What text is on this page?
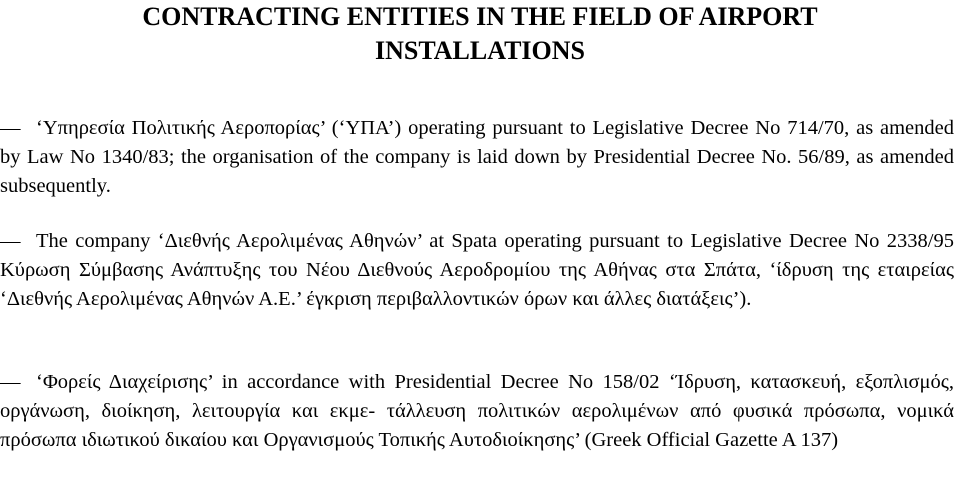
CONTRACTING ENTITIES IN THE FIELD OF AIRPORT
INSTALLATIONS
— ‘Υπηρεσία Πολιτικής Αεροπορίας’ (‘ΥΠΑ’) operating pursuant to Legislative Decree No 714/70, as amended by Law No 1340/83; the organisation of the company is laid down by Presidential Decree No. 56/89, as amended subsequently.

— The company ‘Διεθνής Αερολιμένας Αθηνών’ at Spata operating pursuant to Legislative Decree No 2338/95 Κύρωση Σύμβασης Ανάπτυξης του Νέου Διεθνούς Αεροδρομίου της Αθήνας στα Σπάτα, ‘ίδρυση της εταιρείας ‘Διεθνής Αερολιμένας Αθηνών Α.Ε.’ έγκριση περιβαλλοντικών όρων και άλλες διατάξεις’).

— ‘Φορείς Διαχείρισης’ in accordance with Presidential Decree No 158/02 ‘Ίδρυση, κατασκευή, εξοπλισμός, οργάνωση, διοίκηση, λειτουργία και εκμε- τάλλευση πολιτικών αερολιμένων από φυσικά πρόσωπα, νομικά πρόσωπα ιδιωτικού δικαίου και Οργανισμούς Τοπικής Αυτοδιοίκησης’ (Greek Official Gazette A 137)
